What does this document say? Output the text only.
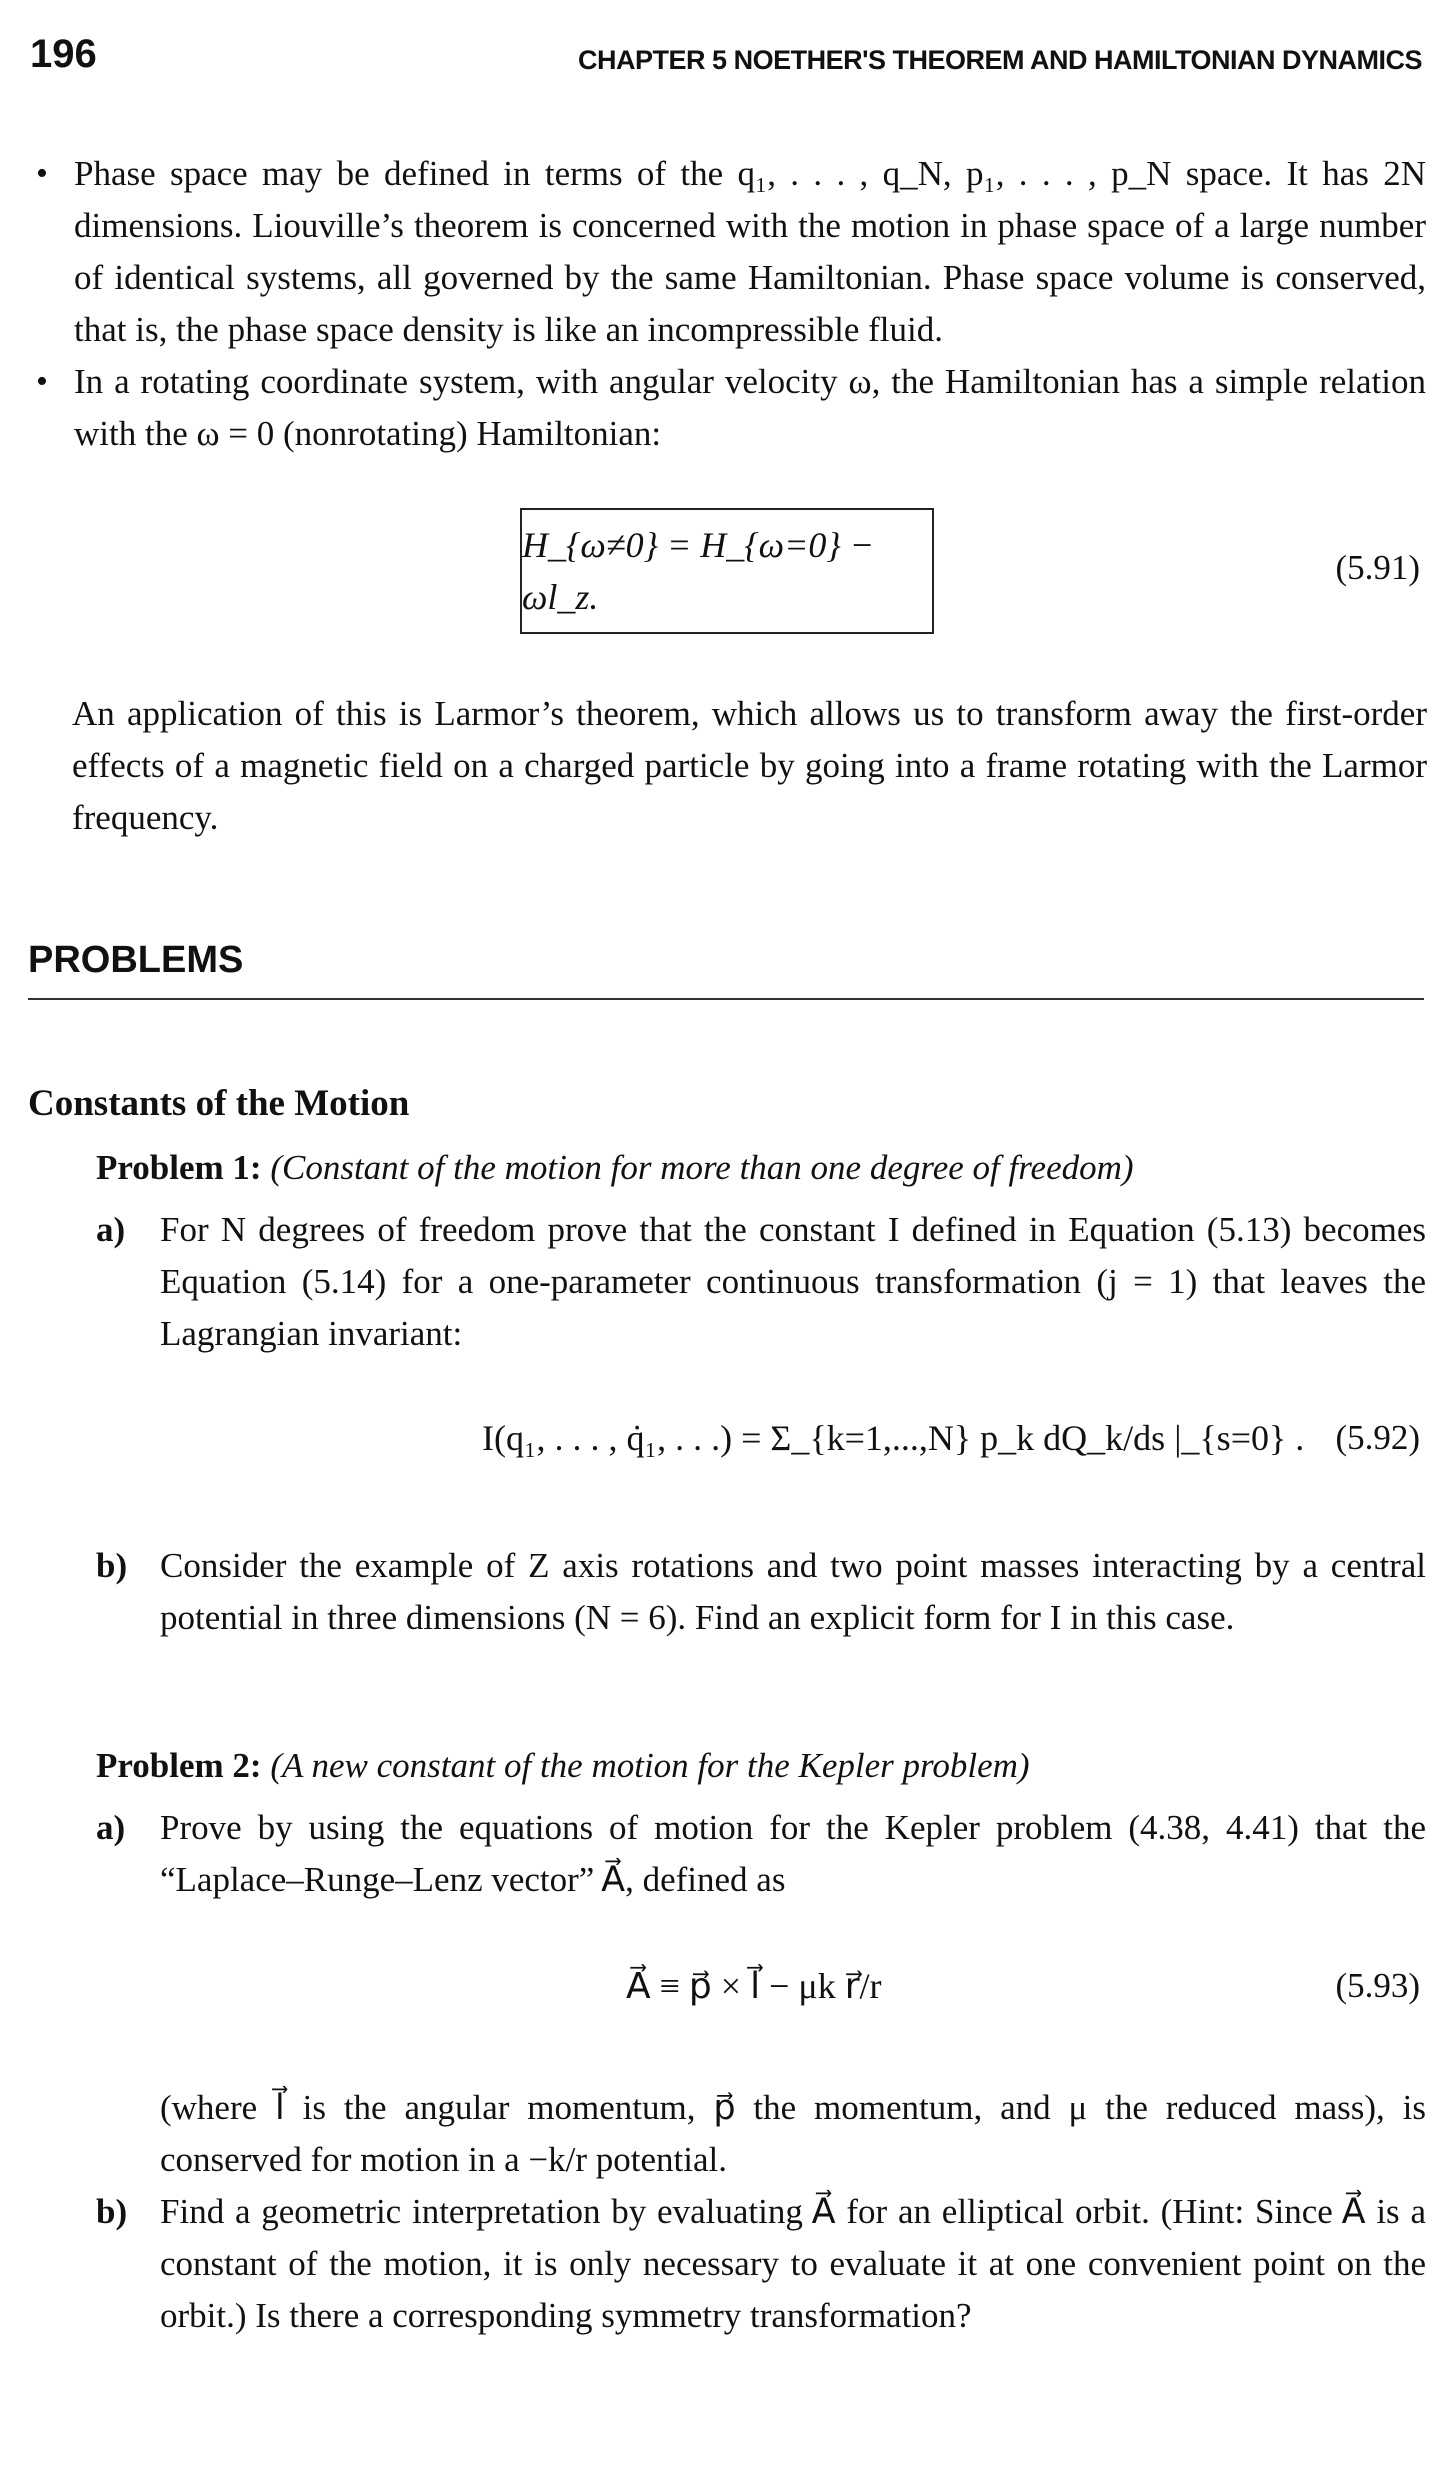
196	CHAPTER 5 NOETHER'S THEOREM AND HAMILTONIAN DYNAMICS
• Phase space may be defined in terms of the q₁, . . . , q_N, p₁, . . . , p_N space. It has 2N dimensions. Liouville’s theorem is concerned with the motion in phase space of a large number of identical systems, all governed by the same Hamiltonian. Phase space volume is conserved, that is, the phase space density is like an incompressible fluid.
• In a rotating coordinate system, with angular velocity ω, the Hamiltonian has a simple relation with the ω = 0 (nonrotating) Hamiltonian:
H_{ω≠0} = H_{ω=0} − ωl_z.
(5.91)
An application of this is Larmor’s theorem, which allows us to transform away the first-order effects of a magnetic field on a charged particle by going into a frame rotating with the Larmor frequency.
PROBLEMS
Constants of the Motion
Problem 1: (Constant of the motion for more than one degree of freedom)
a) For N degrees of freedom prove that the constant I defined in Equation (5.13) becomes Equation (5.14) for a one-parameter continuous transformation (j = 1) that leaves the Lagrangian invariant:
I(q₁, . . . , q̇₁, . . .) = Σ_{k=1,...,N} p_k dQ_k/ds |_{s=0} . (5.92)
b) Consider the example of Z axis rotations and two point masses interacting by a central potential in three dimensions (N = 6). Find an explicit form for I in this case.
Problem 2: (A new constant of the motion for the Kepler problem)
a) Prove by using the equations of motion for the Kepler problem (4.38, 4.41) that the “Laplace–Runge–Lenz vector” A⃗, defined as
A⃗ ≡ p⃗ × l⃗ − μk r⃗/r	(5.93)
(where l⃗ is the angular momentum, p⃗ the momentum, and μ the reduced mass), is conserved for motion in a −k/r potential.
b) Find a geometric interpretation by evaluating A⃗ for an elliptical orbit. (Hint: Since A⃗ is a constant of the motion, it is only necessary to evaluate it at one convenient point on the orbit.) Is there a corresponding symmetry transformation?
